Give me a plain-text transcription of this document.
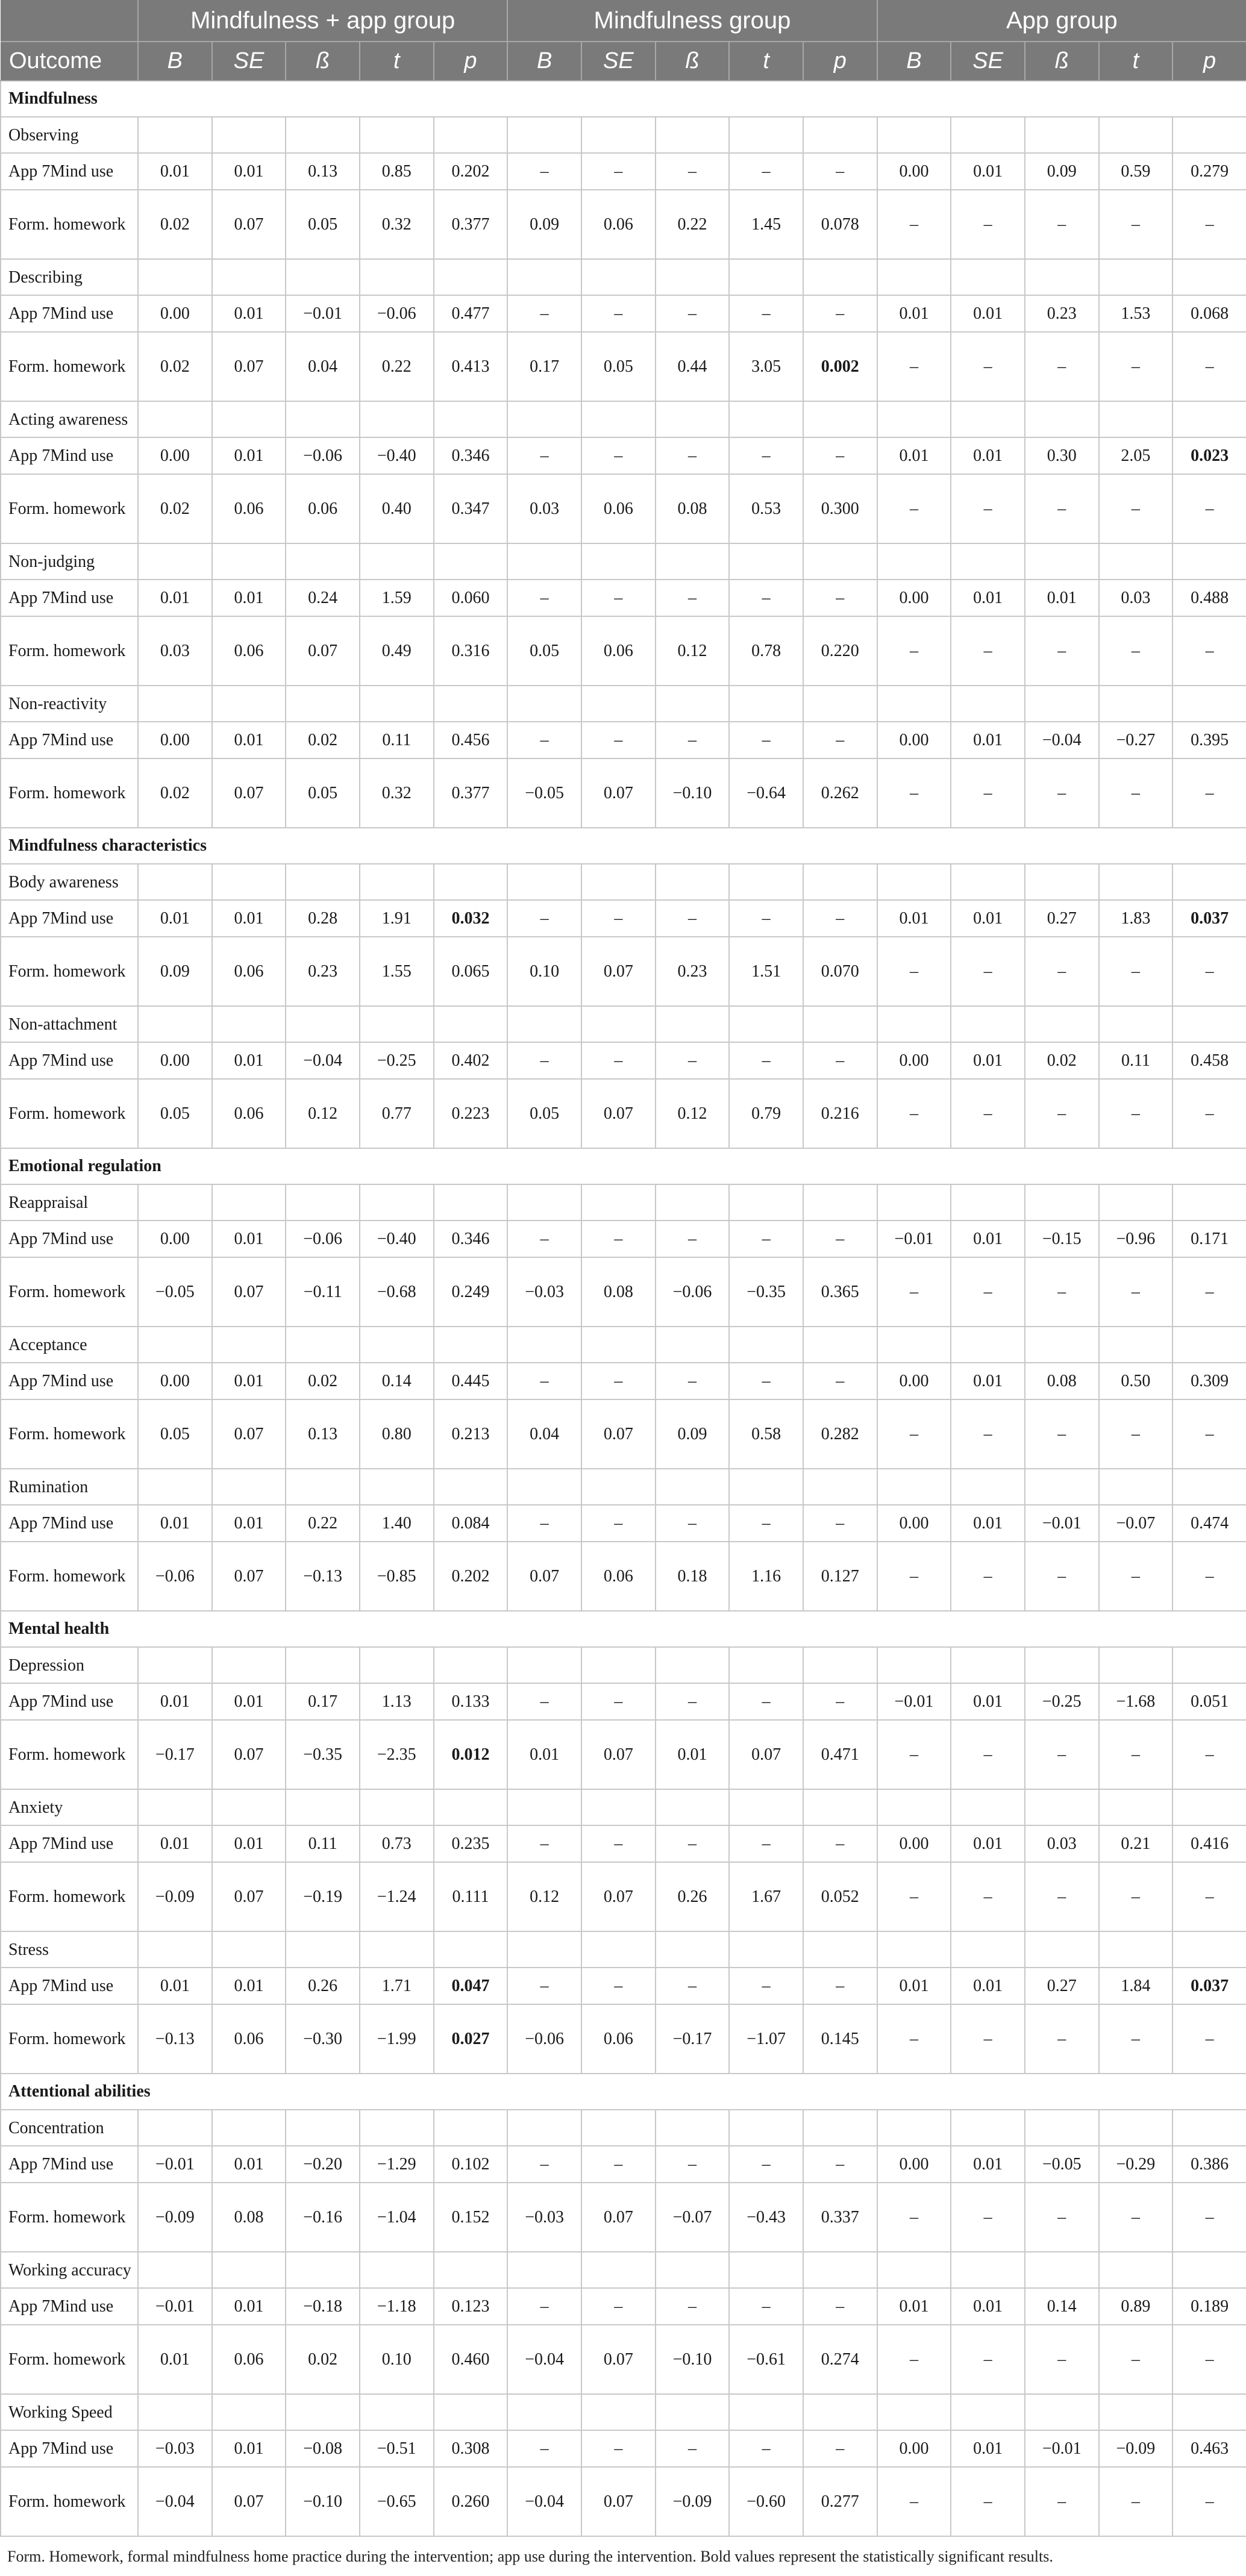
	Mindfulness + app group					Mindfulness group					App group				
Outcome	B	SE	ß	t	p	B	SE	ß	t	p	B	SE	ß	t	p
Mindfulness															
Observing															
App 7Mind use	0.01	0.01	0.13	0.85	0.202	–	–	–	–	–	0.00	0.01	0.09	0.59	0.279
Form. homework	0.02	0.07	0.05	0.32	0.377	0.09	0.06	0.22	1.45	0.078	–	–	–	–	–
Describing															
App 7Mind use	0.00	0.01	−0.01	−0.06	0.477	–	–	–	–	–	0.01	0.01	0.23	1.53	0.068
Form. homework	0.02	0.07	0.04	0.22	0.413	0.17	0.05	0.44	3.05	0.002	–	–	–	–	–
Acting awareness															
App 7Mind use	0.00	0.01	−0.06	−0.40	0.346	–	–	–	–	–	0.01	0.01	0.30	2.05	0.023
Form. homework	0.02	0.06	0.06	0.40	0.347	0.03	0.06	0.08	0.53	0.300	–	–	–	–	–
Non-judging															
App 7Mind use	0.01	0.01	0.24	1.59	0.060	–	–	–	–	–	0.00	0.01	0.01	0.03	0.488
Form. homework	0.03	0.06	0.07	0.49	0.316	0.05	0.06	0.12	0.78	0.220	–	–	–	–	–
Non-reactivity															
App 7Mind use	0.00	0.01	0.02	0.11	0.456	–	–	–	–	–	0.00	0.01	−0.04	−0.27	0.395
Form. homework	0.02	0.07	0.05	0.32	0.377	−0.05	0.07	−0.10	−0.64	0.262	–	–	–	–	–
Mindfulness characteristics															
Body awareness															
App 7Mind use	0.01	0.01	0.28	1.91	0.032	–	–	–	–	–	0.01	0.01	0.27	1.83	0.037
Form. homework	0.09	0.06	0.23	1.55	0.065	0.10	0.07	0.23	1.51	0.070	–	–	–	–	–
Non-attachment															
App 7Mind use	0.00	0.01	−0.04	−0.25	0.402	–	–	–	–	–	0.00	0.01	0.02	0.11	0.458
Form. homework	0.05	0.06	0.12	0.77	0.223	0.05	0.07	0.12	0.79	0.216	–	–	–	–	–
Emotional regulation															
Reappraisal															
App 7Mind use	0.00	0.01	−0.06	−0.40	0.346	–	–	–	–	–	−0.01	0.01	−0.15	−0.96	0.171
Form. homework	−0.05	0.07	−0.11	−0.68	0.249	−0.03	0.08	−0.06	−0.35	0.365	–	–	–	–	–
Acceptance															
App 7Mind use	0.00	0.01	0.02	0.14	0.445	–	–	–	–	–	0.00	0.01	0.08	0.50	0.309
Form. homework	0.05	0.07	0.13	0.80	0.213	0.04	0.07	0.09	0.58	0.282	–	–	–	–	–
Rumination															
App 7Mind use	0.01	0.01	0.22	1.40	0.084	–	–	–	–	–	0.00	0.01	−0.01	−0.07	0.474
Form. homework	−0.06	0.07	−0.13	−0.85	0.202	0.07	0.06	0.18	1.16	0.127	–	–	–	–	–
Mental health															
Depression															
App 7Mind use	0.01	0.01	0.17	1.13	0.133	–	–	–	–	–	−0.01	0.01	−0.25	−1.68	0.051
Form. homework	−0.17	0.07	−0.35	−2.35	0.012	0.01	0.07	0.01	0.07	0.471	–	–	–	–	–
Anxiety															
App 7Mind use	0.01	0.01	0.11	0.73	0.235	–	–	–	–	–	0.00	0.01	0.03	0.21	0.416
Form. homework	−0.09	0.07	−0.19	−1.24	0.111	0.12	0.07	0.26	1.67	0.052	–	–	–	–	–
Stress															
App 7Mind use	0.01	0.01	0.26	1.71	0.047	–	–	–	–	–	0.01	0.01	0.27	1.84	0.037
Form. homework	−0.13	0.06	−0.30	−1.99	0.027	−0.06	0.06	−0.17	−1.07	0.145	–	–	–	–	–
Attentional abilities															
Concentration															
App 7Mind use	−0.01	0.01	−0.20	−1.29	0.102	–	–	–	–	–	0.00	0.01	−0.05	−0.29	0.386
Form. homework	−0.09	0.08	−0.16	−1.04	0.152	−0.03	0.07	−0.07	−0.43	0.337	–	–	–	–	–
Working accuracy															
App 7Mind use	−0.01	0.01	−0.18	−1.18	0.123	–	–	–	–	–	0.01	0.01	0.14	0.89	0.189
Form. homework	0.01	0.06	0.02	0.10	0.460	−0.04	0.07	−0.10	−0.61	0.274	–	–	–	–	–
Working Speed															
App 7Mind use	−0.03	0.01	−0.08	−0.51	0.308	–	–	–	–	–	0.00	0.01	−0.01	−0.09	0.463
Form. homework	−0.04	0.07	−0.10	−0.65	0.260	−0.04	0.07	−0.09	−0.60	0.277	–	–	–	–	–
Form. Homework, formal mindfulness home practice during the intervention; app use during the intervention. Bold values represent the statistically significant results.
